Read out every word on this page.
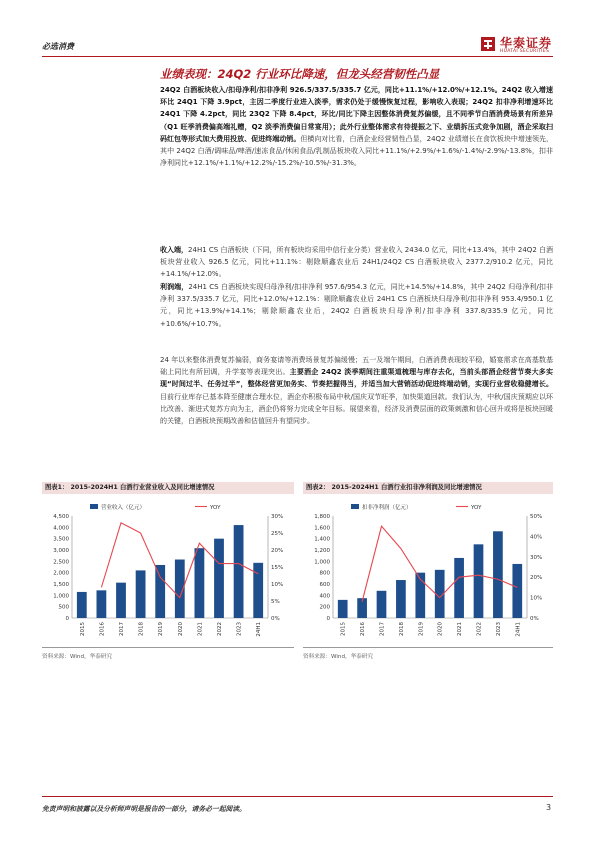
必选消费	华泰证券
HUATAI SECURITIES
业绩表现：24Q2 行业环比降速，但龙头经营韧性凸显
24Q2 白酒板块收入/扣母净利/扣非净利 926.5/337.5/335.7 亿元，同比+11.1%/+12.0%/+12.1%。24Q2 收入增速环比 24Q1 下降 3.9pct，主因二季度行业进入淡季，需求仍处于缓慢恢复过程，影响收入表现；24Q2 扣非净利增速环比 24Q1 下降 4.2pct，同比 23Q2 下降 8.4pct，环比/同比下降主因整体消费复苏偏缓，且不同季节白酒消费场景有所差异（Q1 旺季消费偏高端礼赠，Q2 淡季消费偏日常宴用）；此外行业整体需求有待提振之下、业绩拆压式竞争加剧，酒企采取扫码红包等形式加大费用投放、促进终端动销。但横向对比看，白酒企业经营韧性凸显，24Q2 业绩增长在食饮板块中增速领先，其中 24Q2 白酒/调味品/啤酒/速冻食品/休闲食品/乳制品板块收入同比+11.1%/+2.9%/+1.6%/-1.4%/-2.9%/-13.8%，扣非净利同比+12.1%/+1.1%/+12.2%/-15.2%/-10.5%/-31.3%。
收入端，24H1 CS 白酒板块（下同，所有板块均采用中信行业分类）营业收入 2434.0 亿元，同比+13.4%，其中 24Q2 白酒板块营业收入 926.5 亿元，同比+11.1%：剔除顺鑫农业后 24H1/24Q2 CS 白酒板块收入 2377.2/910.2 亿元，同比+14.1%/+12.0%。
利润端，24H1 CS 白酒板块实现归母净利/扣非净利 957.6/954.3 亿元，同比+14.5%/+14.8%，其中 24Q2 归母净利/扣非净利 337.5/335.7 亿元，同比+12.0%/+12.1%：剔除顺鑫农业后 24H1 CS 白酒板块归母净利/扣非净利 953.4/950.1 亿元，同比+13.9%/+14.1%；剔除顺鑫农业后，24Q2 白酒板块归母净利/扣非净利 337.8/335.9 亿元，同比+10.6%/+10.7%。
24 年以来整体消费复苏偏弱，商务宴请等消费场景复苏偏缓慢；五一及端午期间，白酒消费表现较平稳，婚宴需求在高基数基础上同比有所回调，升学宴等表现突出。主要酒企 24Q2 淡季期间注重渠道梳理与库存去化，当前头部酒企经营节奏大多实现“时间过半、任务过半”，整体经营更加务实、节奏把握得当，并适当加大营销活动促进终端动销，实现行业营收稳健增长。目前行业库存已基本降至健康合理水位，酒企亦积极布局中秋/国庆双节旺季，加快渠道回款。我们认为，中秋/国庆预期应以环比改善、渐进式复苏方向为主，酒企仍将努力完成全年目标。展望来看，经济及消费层面的政策刺激和信心回升或将是板块回暖的关键，白酒板块预期改善和估值回升有望同步。
图表1： 2015-2024H1 白酒行业营业收入及同比增速情况
0
500
1,000
1,500
2,000
2,500
3,000
3,500
4,000
4,500
0%
5%
10%
15%
20%
25%
30%
2015 2016 2017 2018 2019 2020 2021 2022 2023 24H1
营业收入（亿元）	YOY
资料来源：Wind，华泰研究
图表2： 2015-2024H1 白酒行业扣非净利润及同比增速情况
0
200
400
600
800
1,000
1,200
1,400
1,600
1,800
0%
10%
20%
30%
40%
50%
2015 2016 2017 2018 2019 2020 2021 2022 2023 24H1
扣非净利润（亿元）	YOY
资料来源：Wind，华泰研究
免责声明和披露以及分析师声明是报告的一部分，请务必一起阅读。	3
